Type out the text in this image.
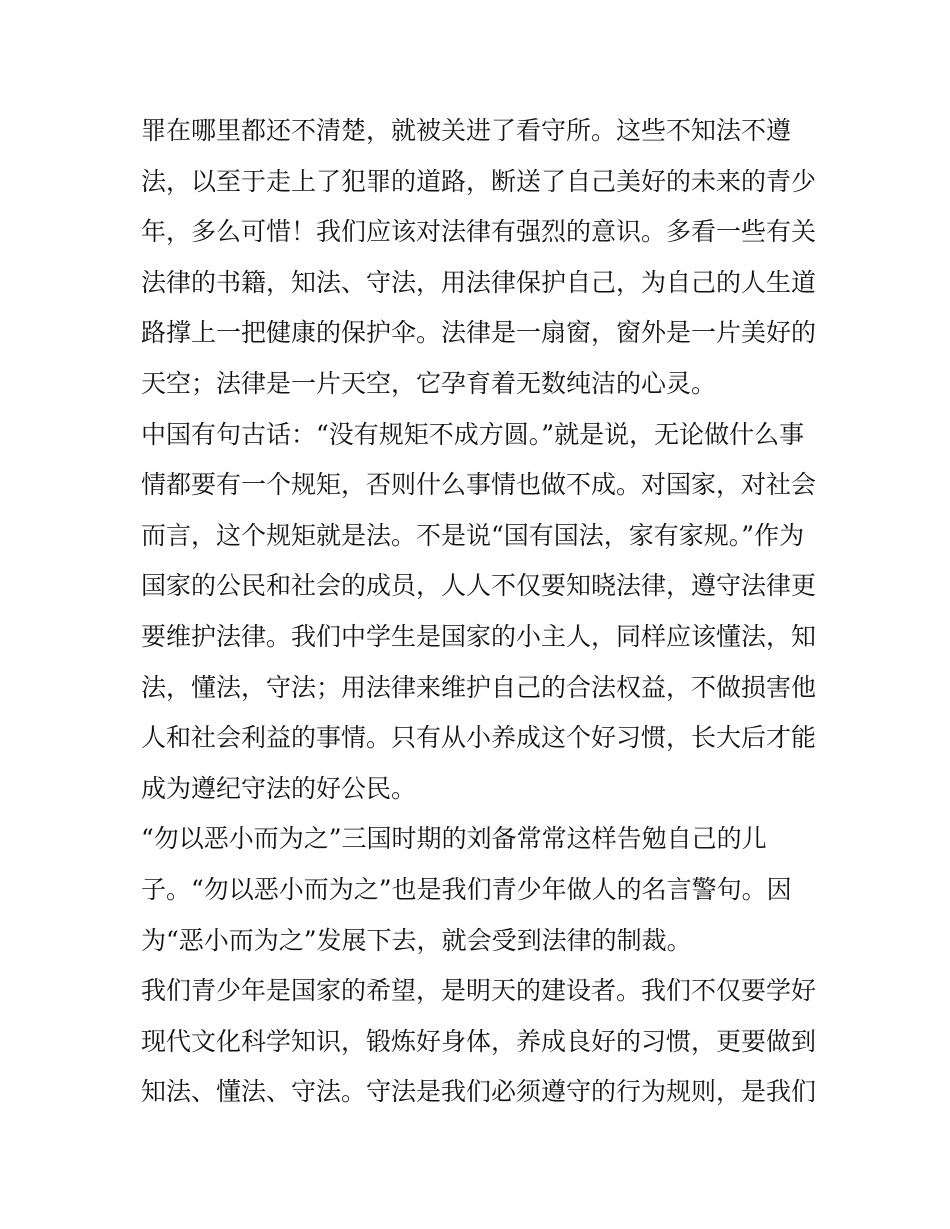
罪在哪里都还不清楚，就被关进了看守所。这些不知法不遵
法，以至于走上了犯罪的道路，断送了自己美好的未来的青少
年，多么可惜！我们应该对法律有强烈的意识。多看一些有关
法律的书籍，知法、守法，用法律保护自己，为自己的人生道
路撑上一把健康的保护伞。法律是一扇窗，窗外是一片美好的
天空；法律是一片天空，它孕育着无数纯洁的心灵。
中国有句古话：“没有规矩不成方圆。”就是说，无论做什么事
情都要有一个规矩，否则什么事情也做不成。对国家，对社会
而言，这个规矩就是法。不是说“国有国法，家有家规。”作为
国家的公民和社会的成员，人人不仅要知晓法律，遵守法律更
要维护法律。我们中学生是国家的小主人，同样应该懂法，知
法，懂法，守法；用法律来维护自己的合法权益，不做损害他
人和社会利益的事情。只有从小养成这个好习惯，长大后才能
成为遵纪守法的好公民。
“勿以恶小而为之”三国时期的刘备常常这样告勉自己的儿
子。“勿以恶小而为之”也是我们青少年做人的名言警句。因
为“恶小而为之”发展下去，就会受到法律的制裁。
我们青少年是国家的希望，是明天的建设者。我们不仅要学好
现代文化科学知识，锻炼好身体，养成良好的习惯，更要做到
知法、懂法、守法。守法是我们必须遵守的行为规则，是我们
